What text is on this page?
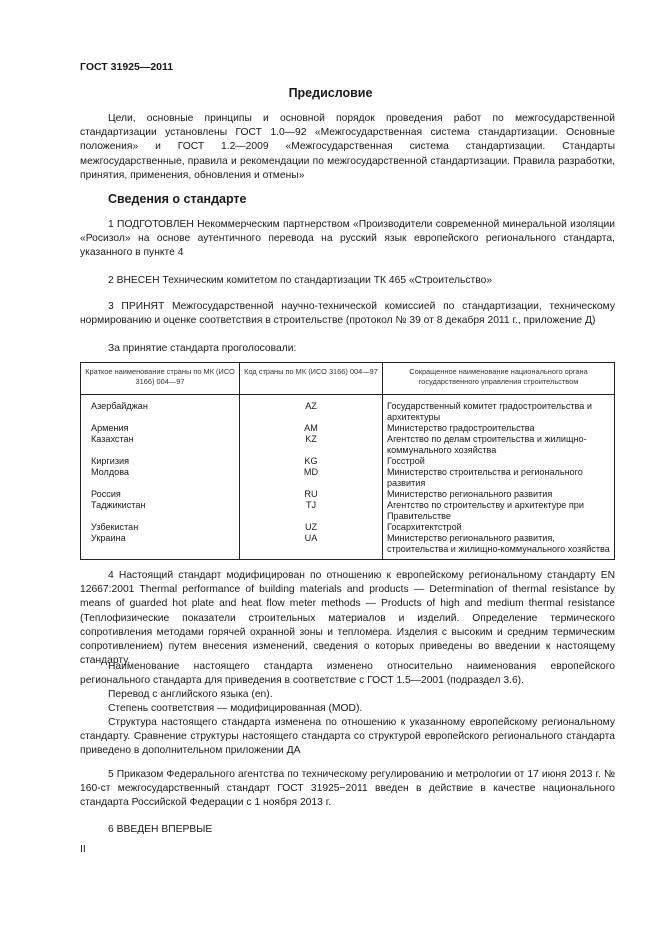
ГОСТ 31925—2011
Предисловие

Цели, основные принципы и основной порядок проведения работ по межгосударственной стандартизации установлены ГОСТ 1.0—92 «Межгосударственная система стандартизации. Основные положения» и ГОСТ 1.2—2009 «Межгосударственная система стандартизации. Стандарты межгосударственные, правила и рекомендации по межгосударственной стандартизации. Правила разработки, принятия, применения, обновления и отмены»

Сведения о стандарте

1 ПОДГОТОВЛЕН Некоммерческим партнерством «Производители современной минеральной изоляции «Росизол» на основе аутентичного перевода на русский язык европейского регионального стандарта, указанного в пункте 4

2 ВНЕСЕН Техническим комитетом по стандартизации ТК 465 «Строительство»

3 ПРИНЯТ Межгосударственной научно-технической комиссией по стандартизации, техническому нормированию и оценке соответствия в строительстве (протокол № 39 от 8 декабря 2011 г., приложение Д)

За принятие стандарта проголосовали:

Краткое наименование страны по МК (ИСО 3166) 004—97	Код страны по МК (ИСО 3166) 004—97	Сокращенное наименование национального органа государственного управления строительством
Азербайджан	AZ	Государственный комитет градостроительства и архитектуры
Армения	AM	Министерство градостроительства
Казахстан	KZ	Агентство по делам строительства и жилищно-коммунального хозяйства
Киргизия	KG	Госстрой
Молдова	MD	Министерство строительства и регионального развития
Россия	RU	Министерство регионального развития
Таджикистан	TJ	Агентство по строительству и архитектуре при Правительстве
Узбекистан	UZ	Госархитектстрой
Украина	UA	Министерство регионального развития, строительства и жилищно-коммунального хозяйства

4 Настоящий стандарт модифицирован по отношению к европейскому региональному стандарту EN 12667:2001 Thermal performance of building materials and products — Determination of thermal resistance by means of guarded hot plate and heat flow meter methods — Products of high and medium thermal resistance (Теплофизические показатели строительных материалов и изделий. Определение термического сопротивления методами горячей охранной зоны и тепломера. Изделия с высоким и средним термическим сопротивлением) путем внесения изменений, сведения о которых приведены во введении к настоящему стандарту.

Наименование настоящего стандарта изменено относительно наименования европейского регионального стандарта для приведения в соответствие с ГОСТ 1.5—2001 (подраздел 3.6).

Перевод с английского языка (en).

Степень соответствия — модифицированная (MOD).

Структура настоящего стандарта изменена по отношению к указанному европейскому региональному стандарту. Сравнение структуры настоящего стандарта со структурой европейского регионального стандарта приведено в дополнительном приложении ДА

5 Приказом Федерального агентства по техническому регулированию и метрологии от 17 июня 2013 г. № 160-ст межгосударственный стандарт ГОСТ 31925−2011 введен в действие в качестве национального стандарта Российской Федерации с 1 ноября 2013 г.

6 ВВЕДЕН ВПЕРВЫЕ

II
